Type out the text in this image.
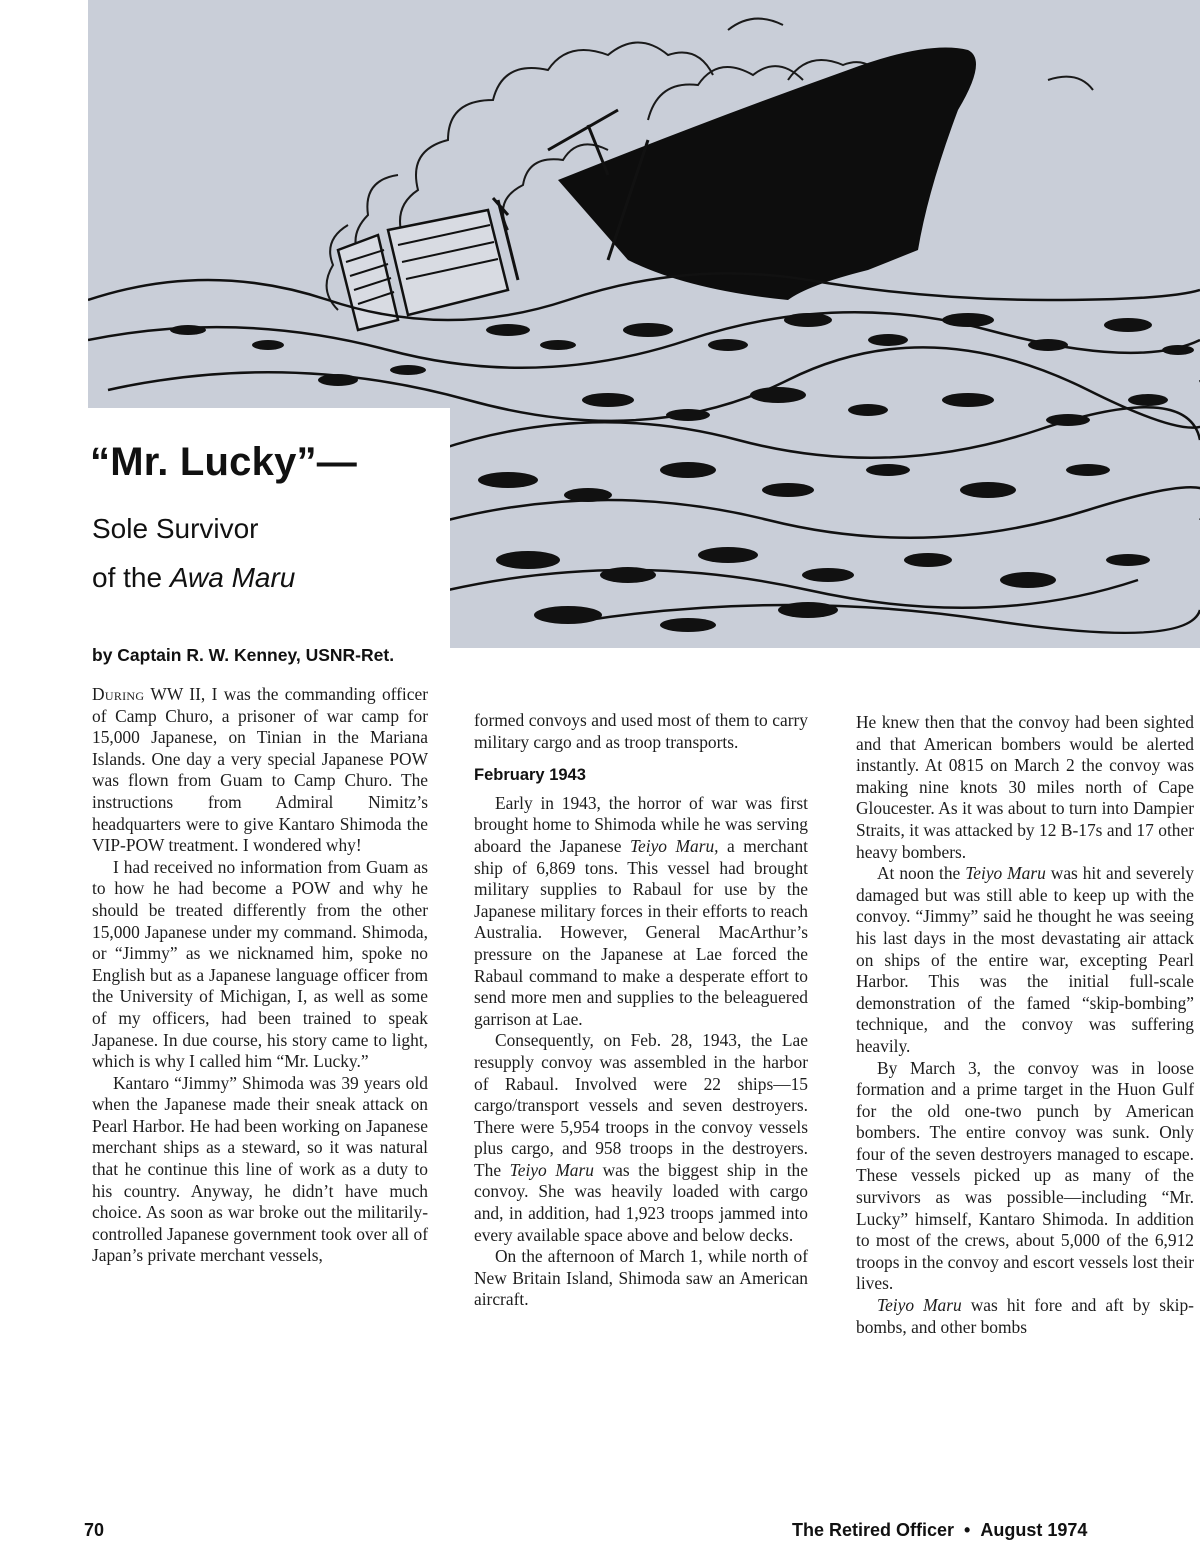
“Mr. Lucky”—

Sole Survivor

of the Awa Maru

by Captain R. W. Kenney, USNR-Ret.

During WW II, I was the commanding officer of Camp Churo, a prisoner of war camp for 15,000 Japanese, on Tinian in the Mariana Islands. One day a very special Japanese POW was flown from Guam to Camp Churo. The instructions from Admiral Nimitz’s headquarters were to give Kantaro Shimoda the VIP-POW treatment. I wondered why!

I had received no information from Guam as to how he had become a POW and why he should be treated differently from the other 15,000 Japanese under my command. Shimoda, or “Jimmy” as we nicknamed him, spoke no English but as a Japanese language officer from the University of Michigan, I, as well as some of my officers, had been trained to speak Japanese. In due course, his story came to light, which is why I called him “Mr. Lucky.”

Kantaro “Jimmy” Shimoda was 39 years old when the Japanese made their sneak attack on Pearl Harbor. He had been working on Japanese merchant ships as a steward, so it was natural that he continue this line of work as a duty to his country. Anyway, he didn’t have much choice. As soon as war broke out the militarily-controlled Japanese government took over all of Japan’s private merchant vessels,

formed convoys and used most of them to carry military cargo and as troop transports.

February 1943

Early in 1943, the horror of war was first brought home to Shimoda while he was serving aboard the Japanese Teiyo Maru, a merchant ship of 6,869 tons. This vessel had brought military supplies to Rabaul for use by the Japanese military forces in their efforts to reach Australia. However, General MacArthur’s pressure on the Japanese at Lae forced the Rabaul command to make a desperate effort to send more men and supplies to the beleaguered garrison at Lae.

Consequently, on Feb. 28, 1943, the Lae resupply convoy was assembled in the harbor of Rabaul. Involved were 22 ships—15 cargo/transport vessels and seven destroyers. There were 5,954 troops in the convoy vessels plus cargo, and 958 troops in the destroyers. The Teiyo Maru was the biggest ship in the convoy. She was heavily loaded with cargo and, in addition, had 1,923 troops jammed into every available space above and below decks.

On the afternoon of March 1, while north of New Britain Island, Shimoda saw an American aircraft.

He knew then that the convoy had been sighted and that American bombers would be alerted instantly. At 0815 on March 2 the convoy was making nine knots 30 miles north of Cape Gloucester. As it was about to turn into Dampier Straits, it was attacked by 12 B-17s and 17 other heavy bombers.

At noon the Teiyo Maru was hit and severely damaged but was still able to keep up with the convoy. “Jimmy” said he thought he was seeing his last days in the most devastating air attack on ships of the entire war, excepting Pearl Harbor. This was the initial full-scale demonstration of the famed “skip-bombing” technique, and the convoy was suffering heavily.

By March 3, the convoy was in loose formation and a prime target in the Huon Gulf for the old one-two punch by American bombers. The entire convoy was sunk. Only four of the seven destroyers managed to escape. These vessels picked up as many of the survivors as was possible—including “Mr. Lucky” himself, Kantaro Shimoda. In addition to most of the crews, about 5,000 of the 6,912 troops in the convoy and escort vessels lost their lives.

Teiyo Maru was hit fore and aft by skip-bombs, and other bombs

70	The Retired Officer • August 1974
